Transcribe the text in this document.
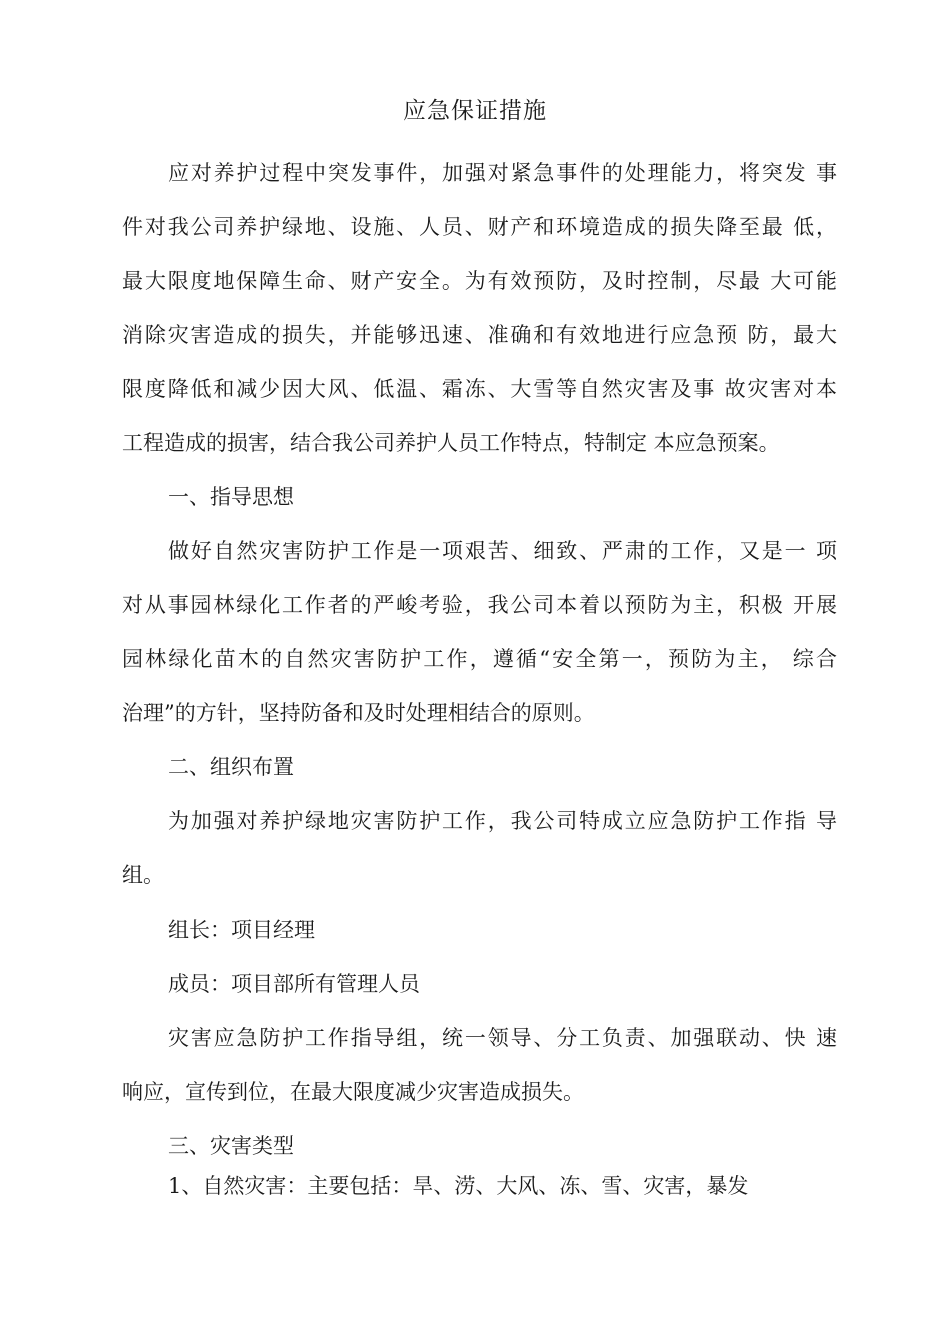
应急保证措施
应对养护过程中突发事件，加强对紧急事件的处理能力，将突发 事
件对我公司养护绿地、设施、人员、财产和环境造成的损失降至最 低，
最大限度地保障生命、财产安全。为有效预防，及时控制，尽最 大可能
消除灾害造成的损失，并能够迅速、准确和有效地进行应急预 防，最大
限度降低和减少因大风、低温、霜冻、大雪等自然灾害及事 故灾害对本
工程造成的损害，结合我公司养护人员工作特点，特制定 本应急预案。
一、指导思想
做好自然灾害防护工作是一项艰苦、细致、严肃的工作，又是一 项
对从事园林绿化工作者的严峻考验，我公司本着以预防为主，积极 开展
园林绿化苗木的自然灾害防护工作，遵循“安全第一，预防为主， 综合
治理”的方针，坚持防备和及时处理相结合的原则。
二、组织布置
为加强对养护绿地灾害防护工作，我公司特成立应急防护工作指 导
组。
组长：项目经理
成员：项目部所有管理人员
灾害应急防护工作指导组，统一领导、分工负责、加强联动、快 速
响应，宣传到位，在最大限度减少灾害造成损失。
三、灾害类型
1、自然灾害：主要包括：旱、涝、大风、冻、雪、灾害，暴发
